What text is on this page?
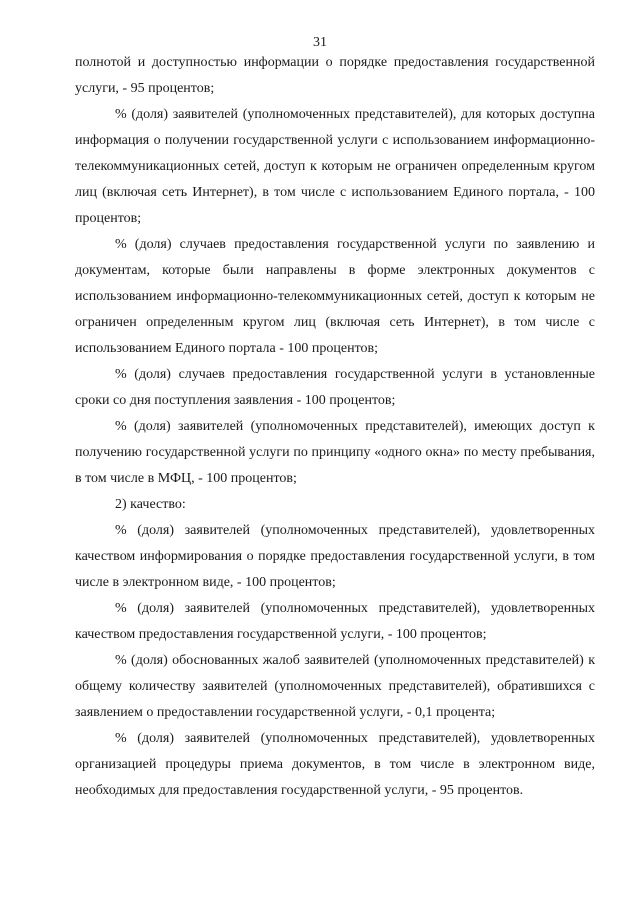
31

полнотой и доступностью информации о порядке предоставления государственной услуги, - 95 процентов;

% (доля) заявителей (уполномоченных представителей), для которых доступна информация о получении государственной услуги с использованием информационно-телекоммуникационных сетей, доступ к которым не ограничен определенным кругом лиц (включая сеть Интернет), в том числе с использованием Единого портала, - 100 процентов;

% (доля) случаев предоставления государственной услуги по заявлению и документам, которые были направлены в форме электронных документов с использованием информационно-телекоммуникационных сетей, доступ к которым не ограничен определенным кругом лиц (включая сеть Интернет), в том числе с использованием Единого портала - 100 процентов;

% (доля) случаев предоставления государственной услуги в установленные сроки со дня поступления заявления - 100 процентов;

% (доля) заявителей (уполномоченных представителей), имеющих доступ к получению государственной услуги по принципу «одного окна» по месту пребывания, в том числе в МФЦ, - 100 процентов;

2) качество:

% (доля) заявителей (уполномоченных представителей), удовлетворенных качеством информирования о порядке предоставления государственной услуги, в том числе в электронном виде, - 100 процентов;

% (доля) заявителей (уполномоченных представителей), удовлетворенных качеством предоставления государственной услуги, - 100 процентов;

% (доля) обоснованных жалоб заявителей (уполномоченных представителей) к общему количеству заявителей (уполномоченных представителей), обратившихся с заявлением о предоставлении государственной услуги, - 0,1 процента;

% (доля) заявителей (уполномоченных представителей), удовлетворенных организацией процедуры приема документов, в том числе в электронном виде, необходимых для предоставления государственной услуги, - 95 процентов.
